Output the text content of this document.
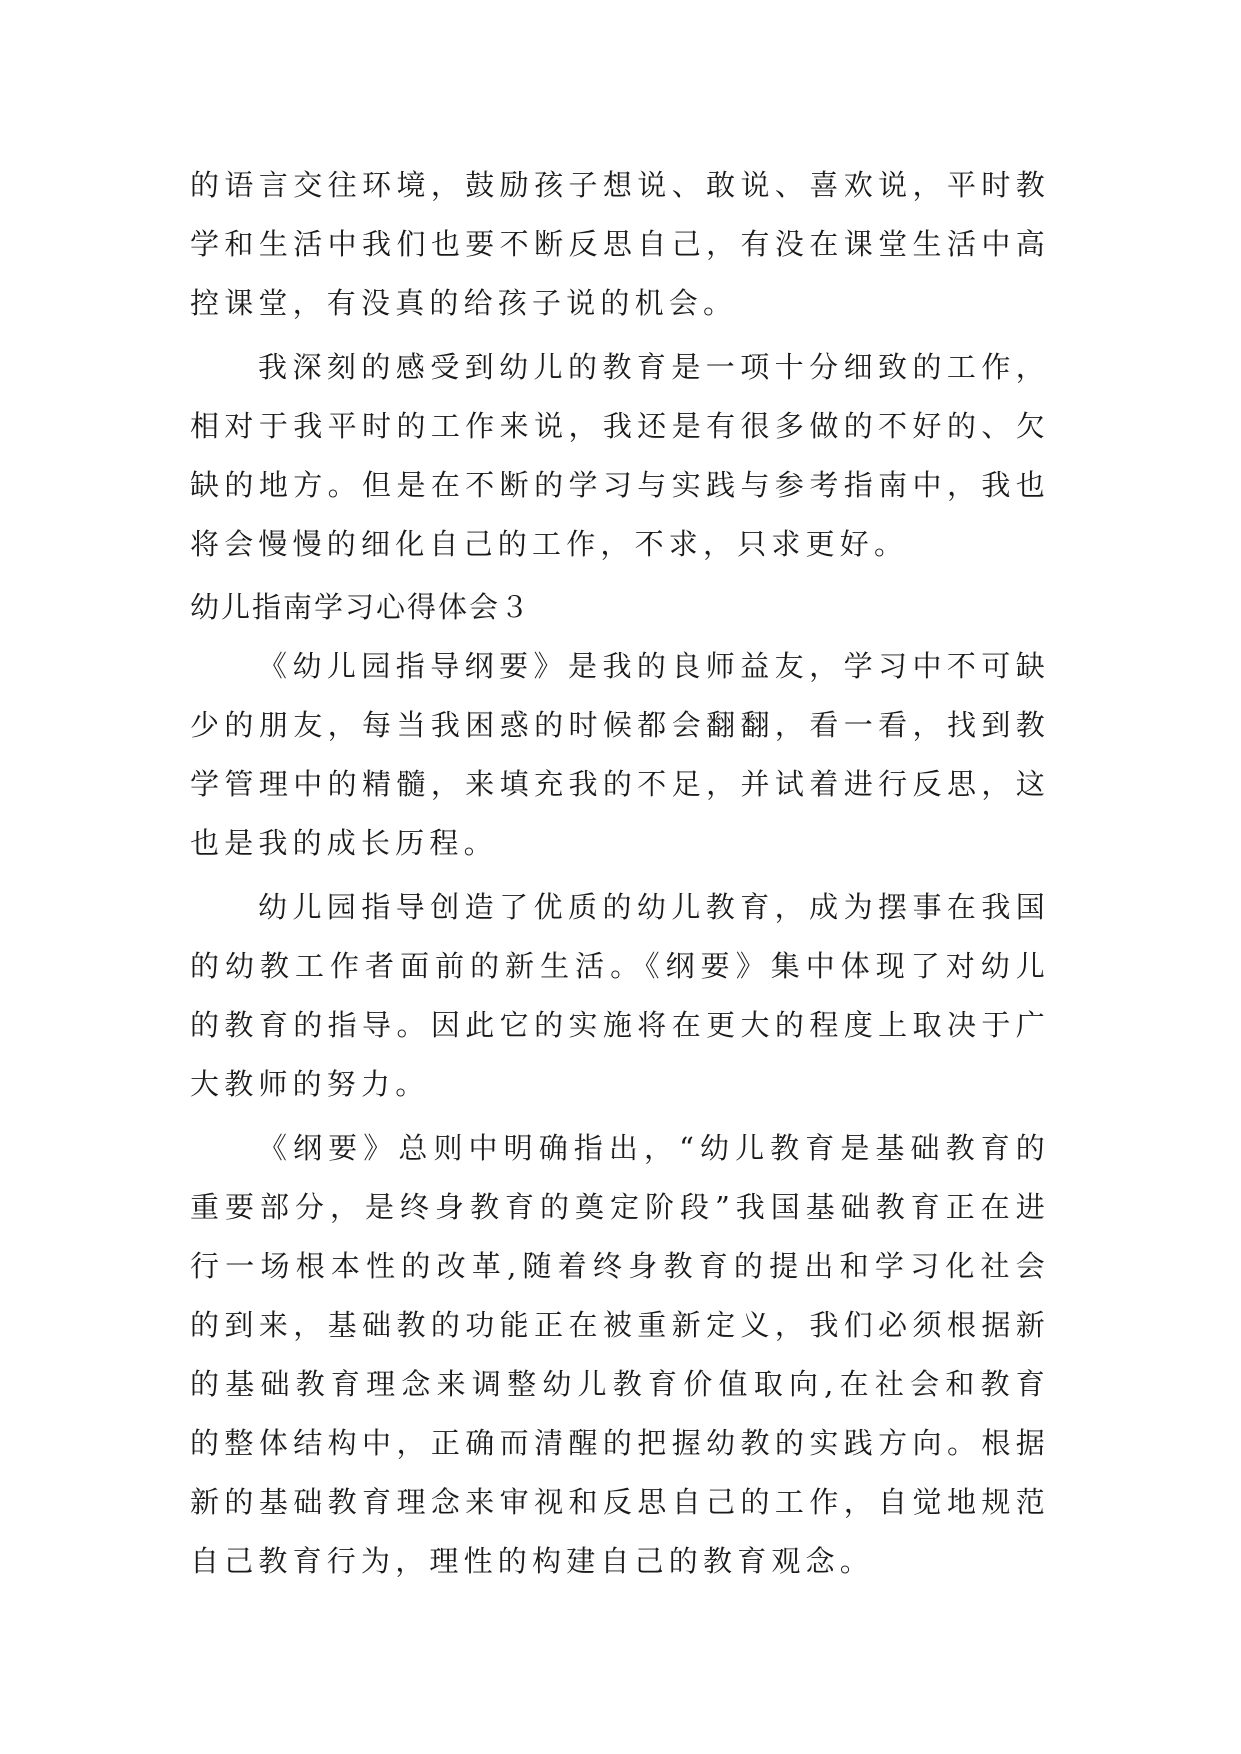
的语言交往环境，鼓励孩子想说、敢说、喜欢说，平时教学和生活中我们也要不断反思自己，有没在课堂生活中高控课堂，有没真的给孩子说的机会。

我深刻的感受到幼儿的教育是一项十分细致的工作，相对于我平时的工作来说，我还是有很多做的不好的、欠缺的地方。但是在不断的学习与实践与参考指南中，我也将会慢慢的细化自己的工作，不求，只求更好。

幼儿指南学习心得体会３

《幼儿园指导纲要》是我的良师益友，学习中不可缺少的朋友，每当我困惑的时候都会翻翻，看一看，找到教学管理中的精髓，来填充我的不足，并试着进行反思，这也是我的成长历程。

幼儿园指导创造了优质的幼儿教育，成为摆事在我国的幼教工作者面前的新生活。《纲要》集中体现了对幼儿的教育的指导。因此它的实施将在更大的程度上取决于广大教师的努力。

《纲要》总则中明确指出，“幼儿教育是基础教育的重要部分，是终身教育的奠定阶段”我国基础教育正在进行一场根本性的改革,随着终身教育的提出和学习化社会的到来，基础教的功能正在被重新定义，我们必须根据新的基础教育理念来调整幼儿教育价值取向,在社会和教育的整体结构中，正确而清醒的把握幼教的实践方向。根据新的基础教育理念来审视和反思自己的工作，自觉地规范自己教育行为，理性的构建自己的教育观念。
